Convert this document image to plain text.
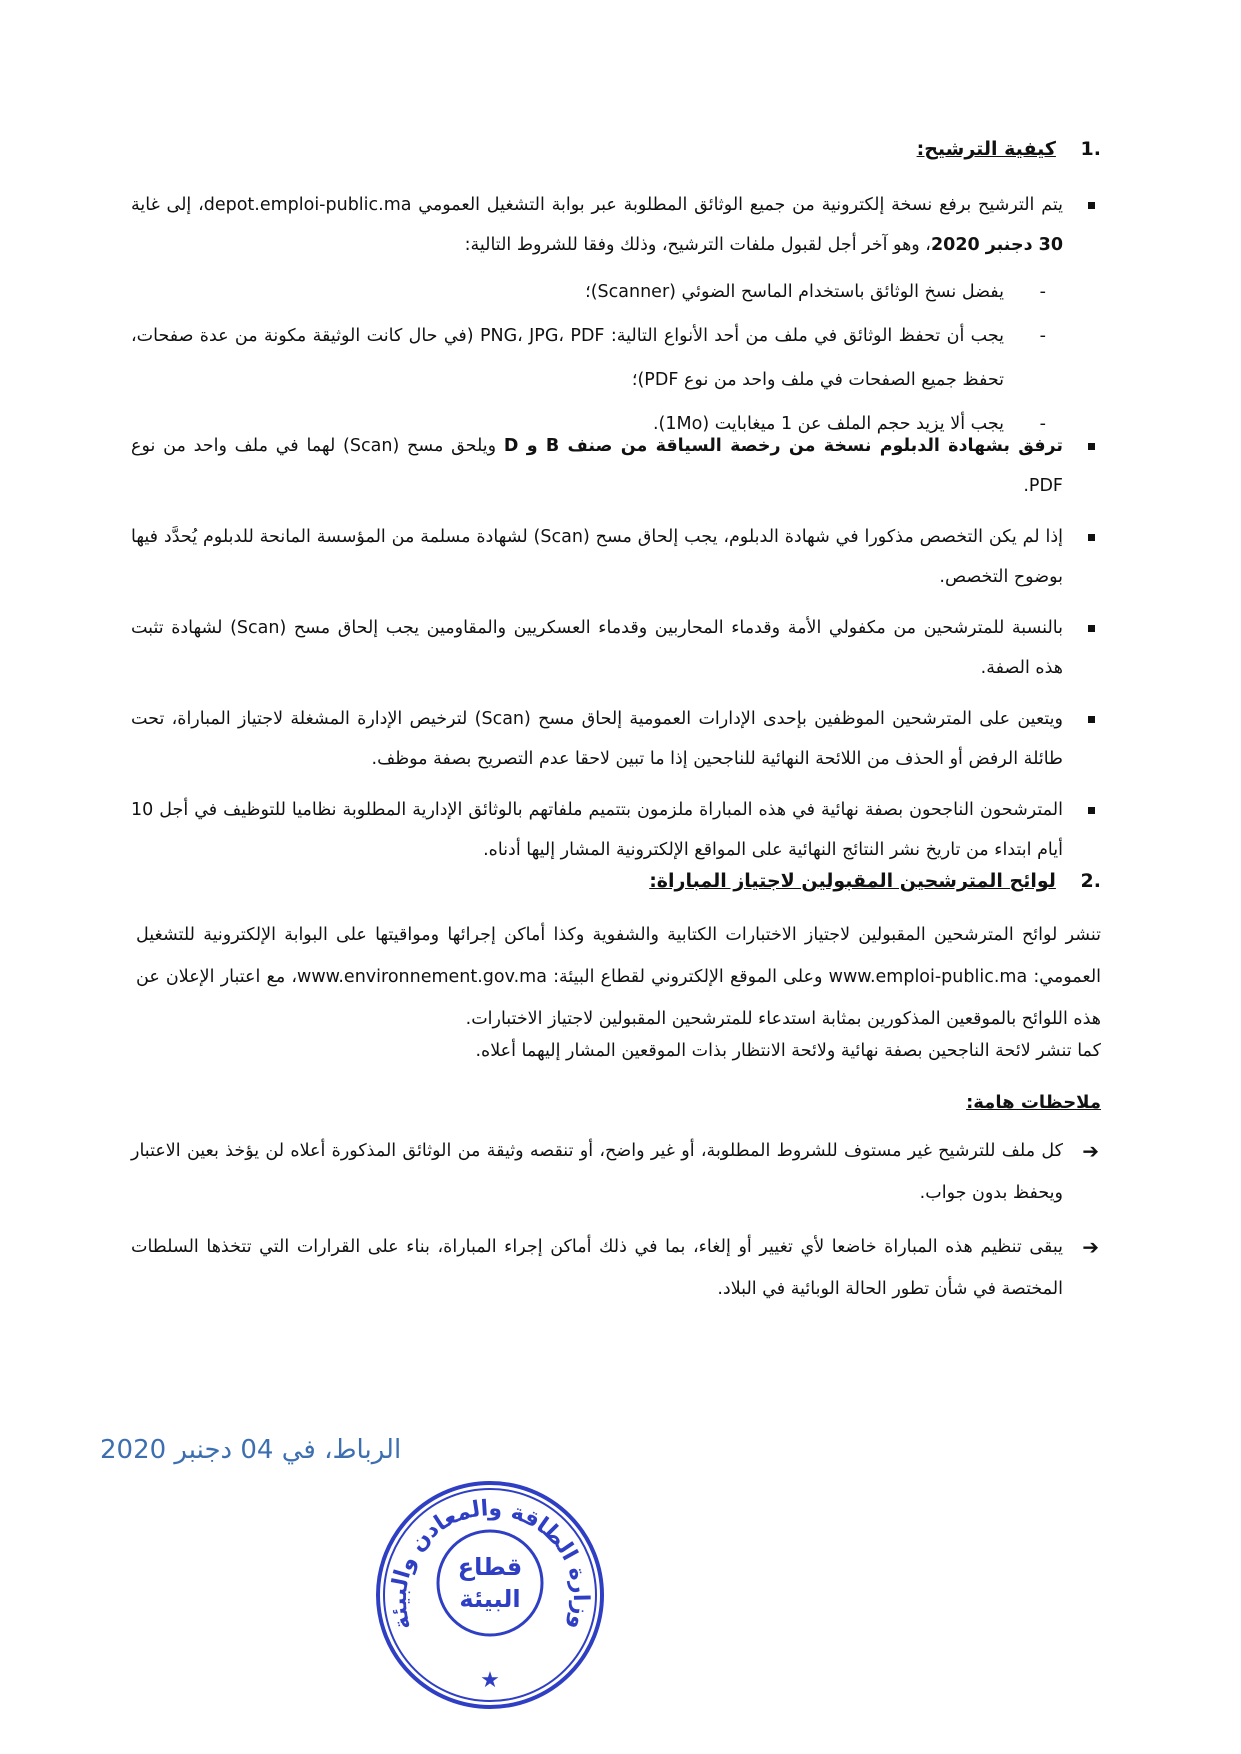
.1 كيفية الترشيح:
يتم الترشيح برفع نسخة إلكترونية من جميع الوثائق المطلوبة عبر بوابة التشغيل العمومي depot.emploi-public.ma، إلى غاية 30 دجنبر 2020، وهو آخر أجل لقبول ملفات الترشيح، وذلك وفقا للشروط التالية:
-
يفضل نسخ الوثائق باستخدام الماسح الضوئي (Scanner)؛
-
يجب أن تحفظ الوثائق في ملف من أحد الأنواع التالية: PNG، JPG، PDF (في حال كانت الوثيقة مكونة من عدة صفحات، تحفظ جميع الصفحات في ملف واحد من نوع PDF)؛
-
يجب ألا يزيد حجم الملف عن 1 ميغابايت (1Mo).
ترفق بشهادة الدبلوم نسخة من رخصة السياقة من صنف B و D ويلحق مسح (Scan) لهما في ملف واحد من نوع PDF.
إذا لم يكن التخصص مذكورا في شهادة الدبلوم، يجب إلحاق مسح (Scan) لشهادة مسلمة من المؤسسة المانحة للدبلوم يُحدَّد فيها بوضوح التخصص.
بالنسبة للمترشحين من مكفولي الأمة وقدماء المحاربين وقدماء العسكريين والمقاومين يجب إلحاق مسح (Scan) لشهادة تثبت هذه الصفة.
ويتعين على المترشحين الموظفين بإحدى الإدارات العمومية إلحاق مسح (Scan) لترخيص الإدارة المشغلة لاجتياز المباراة، تحت طائلة الرفض أو الحذف من اللائحة النهائية للناجحين إذا ما تبين لاحقا عدم التصريح بصفة موظف.
المترشحون الناجحون بصفة نهائية في هذه المباراة ملزمون بتتميم ملفاتهم بالوثائق الإدارية المطلوبة نظاميا للتوظيف في أجل 10 أيام ابتداء من تاريخ نشر النتائج النهائية على المواقع الإلكترونية المشار إليها أدناه.
.2 لوائح المترشحين المقبولين لاجتياز المباراة:
تنشر لوائح المترشحين المقبولين لاجتياز الاختبارات الكتابية والشفوية وكذا أماكن إجرائها ومواقيتها على البوابة الإلكترونية للتشغيل العمومي: www.emploi-public.ma وعلى الموقع الإلكتروني لقطاع البيئة: www.environnement.gov.ma، مع اعتبار الإعلان عن هذه اللوائح بالموقعين المذكورين بمثابة استدعاء للمترشحين المقبولين لاجتياز الاختبارات.
كما تنشر لائحة الناجحين بصفة نهائية ولائحة الانتظار بذات الموقعين المشار إليهما أعلاه.
ملاحظات هامة:
➔
كل ملف للترشيح غير مستوف للشروط المطلوبة، أو غير واضح، أو تنقصه وثيقة من الوثائق المذكورة أعلاه لن يؤخذ بعين الاعتبار ويحفظ بدون جواب.
➔
يبقى تنظيم هذه المباراة خاضعا لأي تغيير أو إلغاء، بما في ذلك أماكن إجراء المباراة، بناء على القرارات التي تتخذها السلطات المختصة في شأن تطور الحالة الوبائية في البلاد.
الرباط، في 04 دجنبر 2020
وزارة الطاقة والمعادن والبيئة
قطاع
البيئة
★
